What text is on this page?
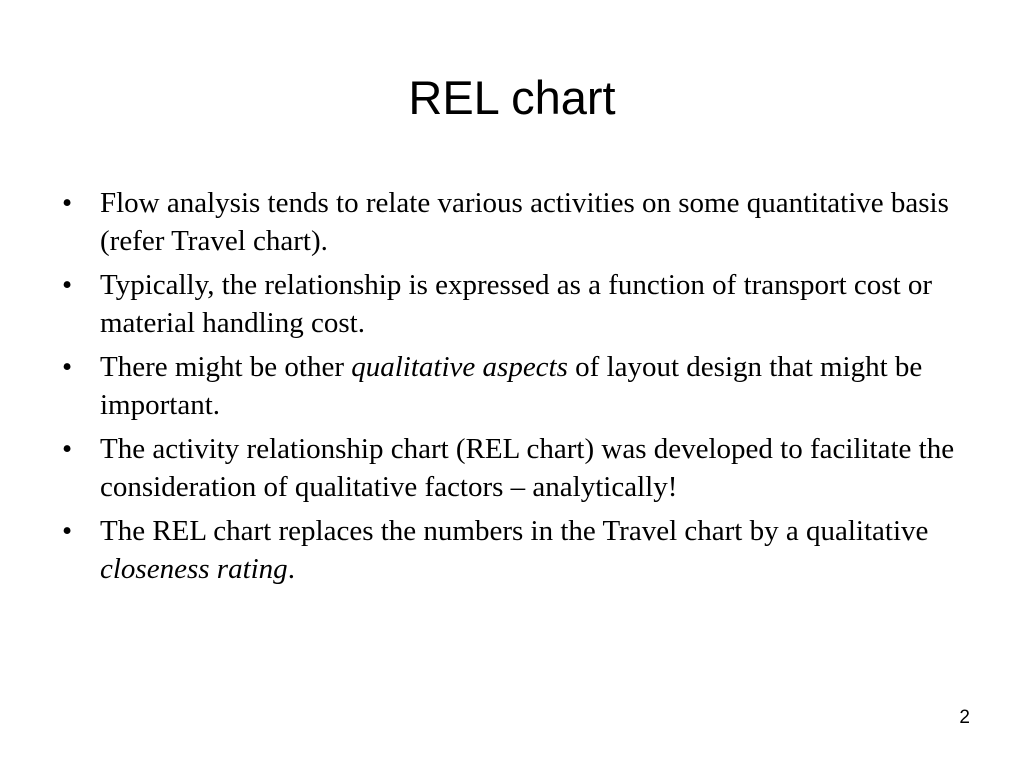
REL chart
• Flow analysis tends to relate various activities on some quantitative basis (refer Travel chart).
• Typically, the relationship is expressed as a function of transport cost or material handling cost.
• There might be other qualitative aspects of layout design that might be important.
• The activity relationship chart (REL chart) was developed to facilitate the consideration of qualitative factors – analytically!
• The REL chart replaces the numbers in the Travel chart by a qualitative closeness rating.
2
